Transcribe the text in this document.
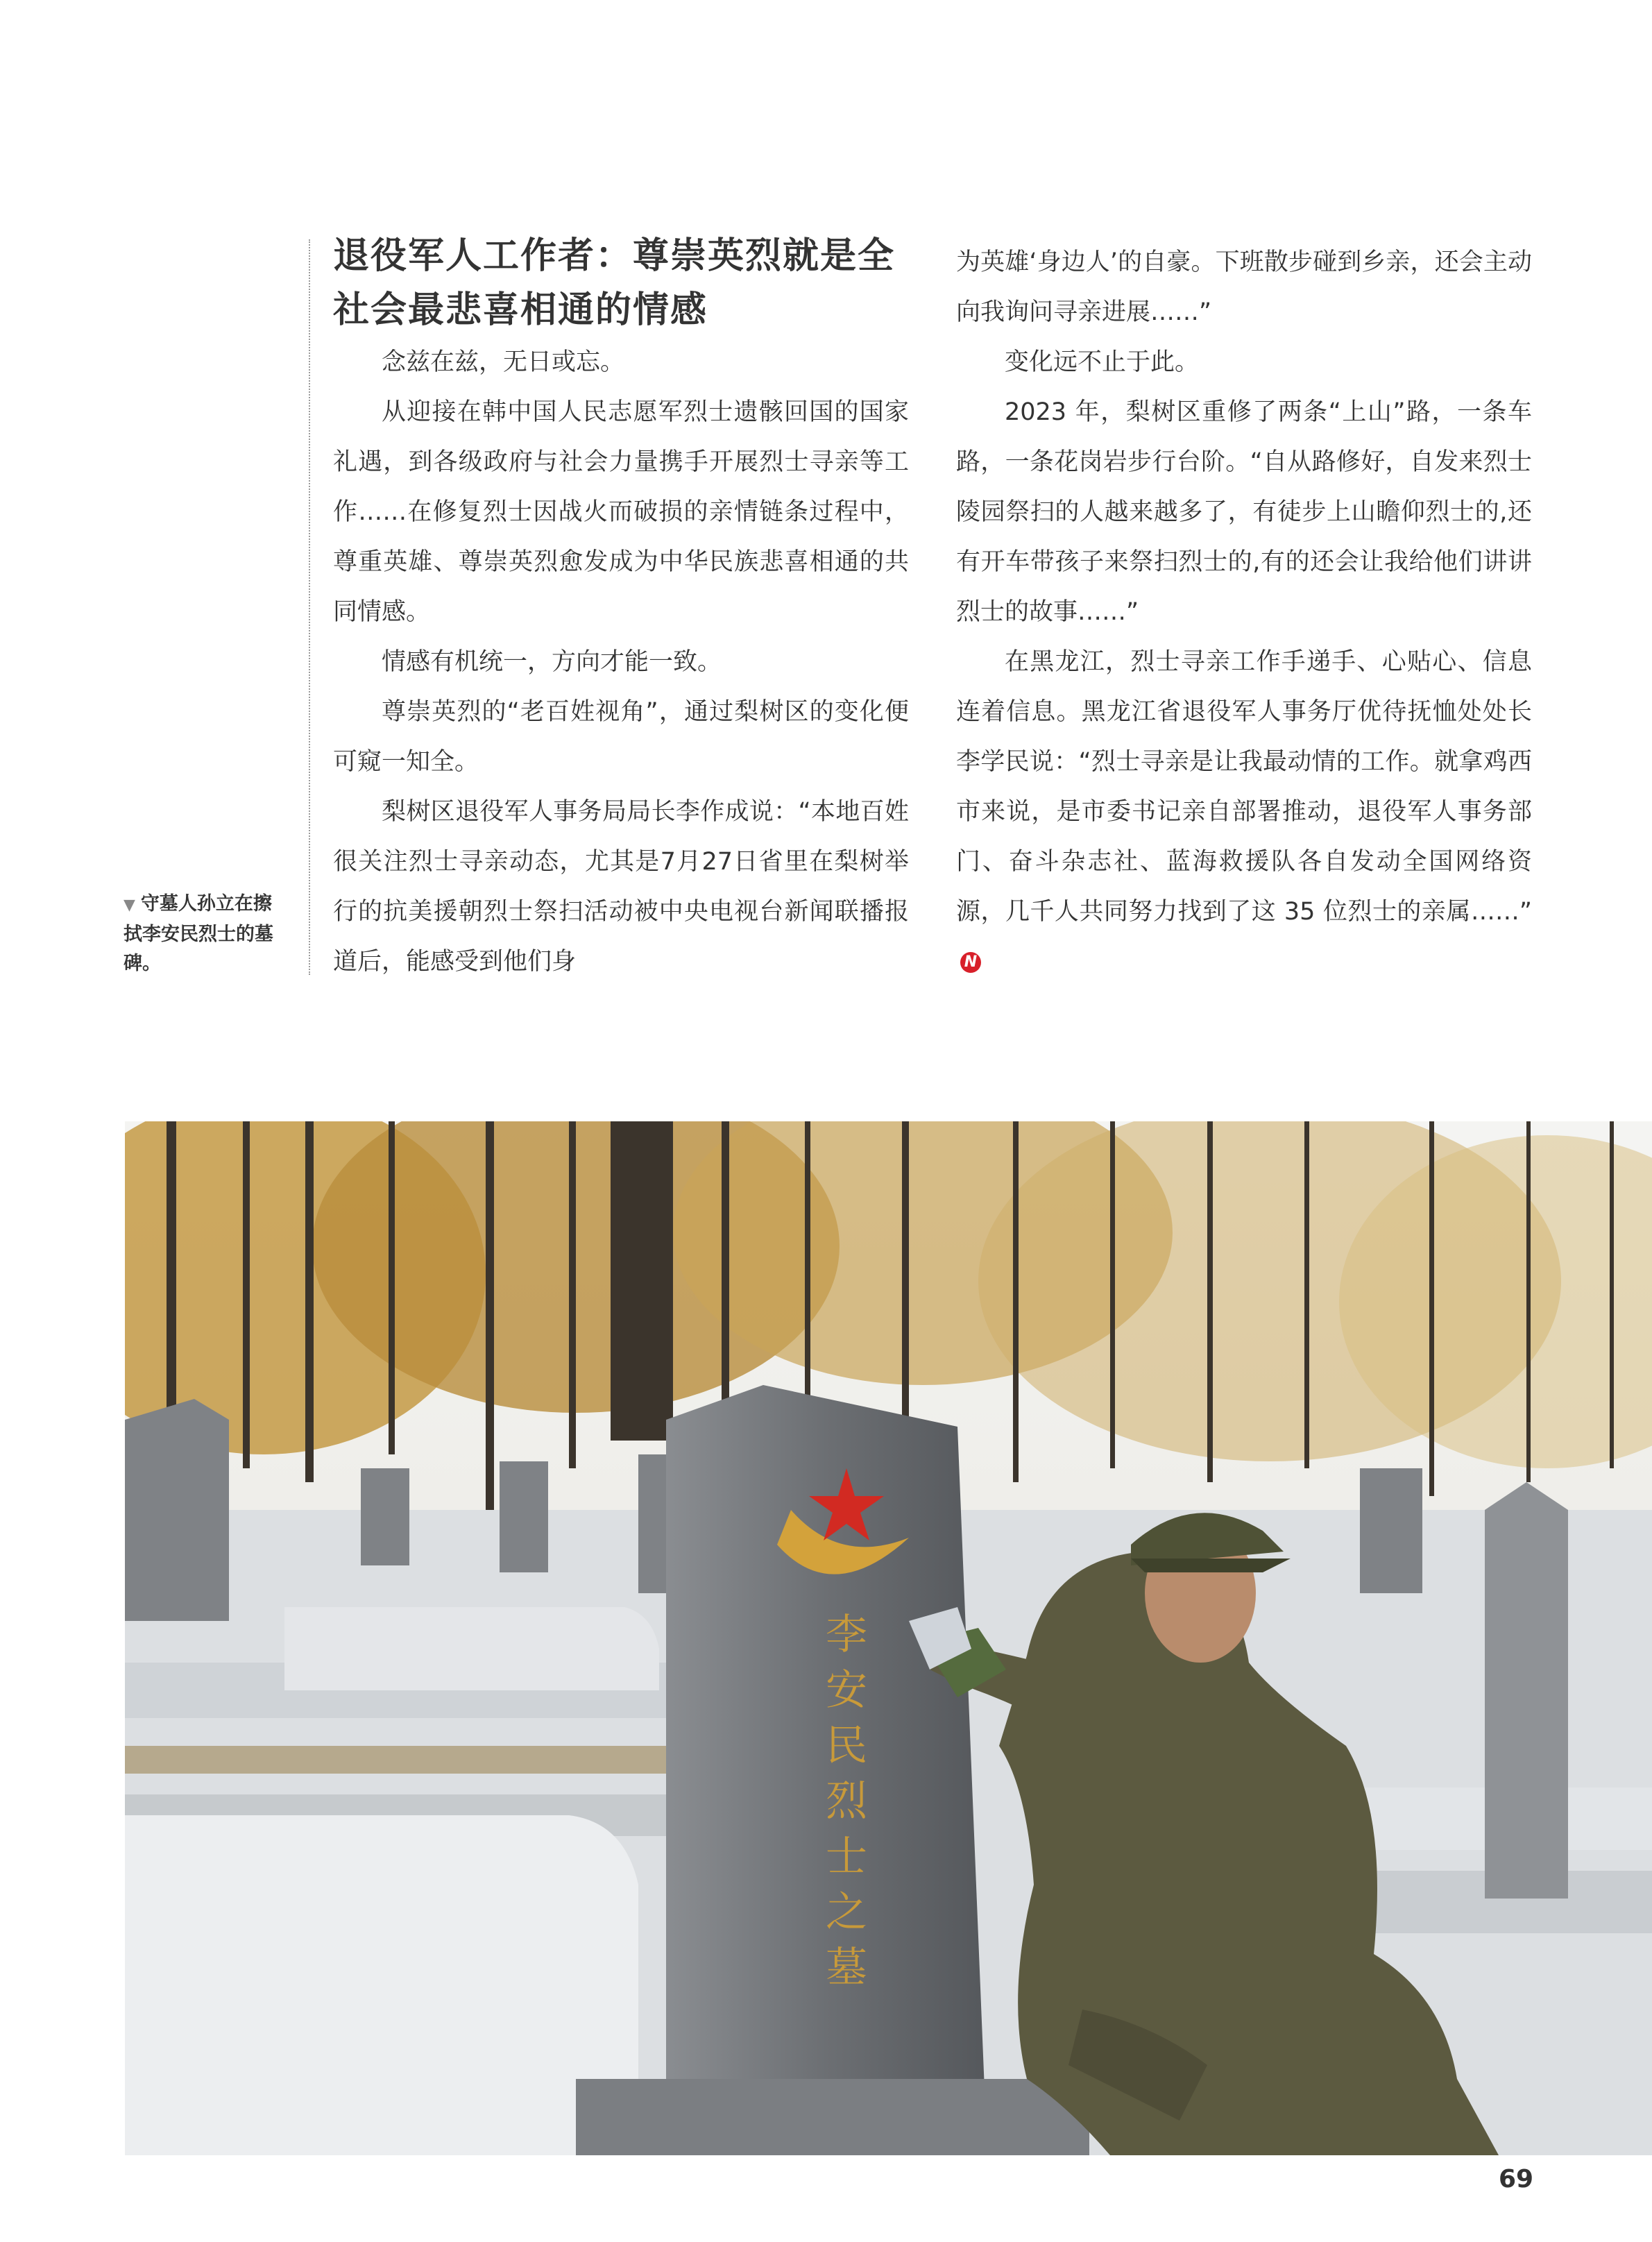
退役军人工作者：尊崇英烈就是全社会最悲喜相通的情感

念兹在兹，无日或忘。

从迎接在韩中国人民志愿军烈士遗骸回国的国家礼遇，到各级政府与社会力量携手开展烈士寻亲等工作……在修复烈士因战火而破损的亲情链条过程中，尊重英雄、尊崇英烈愈发成为中华民族悲喜相通的共同情感。

情感有机统一，方向才能一致。

尊崇英烈的“老百姓视角”，通过梨树区的变化便可窥一知全。

梨树区退役军人事务局局长李作成说：“本地百姓很关注烈士寻亲动态，尤其是7月27日省里在梨树举行的抗美援朝烈士祭扫活动被中央电视台新闻联播报道后，能感受到他们身

为英雄‘身边人’的自豪。下班散步碰到乡亲，还会主动向我询问寻亲进展……”

变化远不止于此。

2023 年，梨树区重修了两条“上山”路，一条车路，一条花岗岩步行台阶。“自从路修好，自发来烈士陵园祭扫的人越来越多了，有徒步上山瞻仰烈士的,还有开车带孩子来祭扫烈士的,有的还会让我给他们讲讲烈士的故事……”

在黑龙江，烈士寻亲工作手递手、心贴心、信息连着信息。黑龙江省退役军人事务厅优待抚恤处处长李学民说：“烈士寻亲是让我最动情的工作。就拿鸡西市来说，是市委书记亲自部署推动，退役军人事务部门、奋斗杂志社、蓝海救援队各自发动全国网络资源，几千人共同努力找到了这 35 位烈士的亲属……”N

▼ 守墓人孙立在擦拭李安民烈士的墓碑。
李
安
民
烈
士
之
墓
69
